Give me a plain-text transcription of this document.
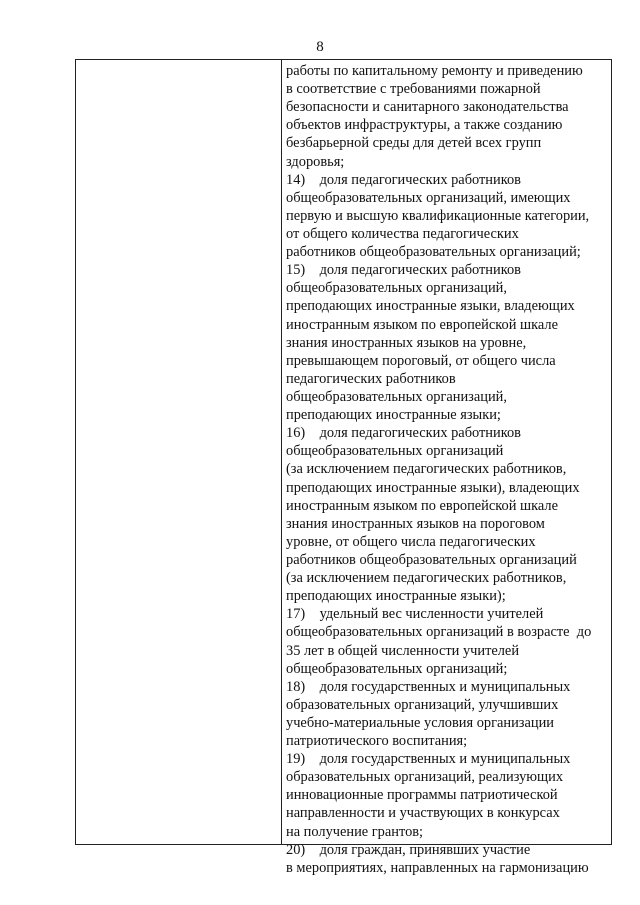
8
работы по капитальному ремонту и приведению
в соответствие с требованиями пожарной
безопасности и санитарного законодательства
объектов инфраструктуры, а также созданию
безбарьерной среды для детей всех групп
здоровья;
14)    доля педагогических работников
общеобразовательных организаций, имеющих
первую и высшую квалификационные категории,
от общего количества педагогических
работников общеобразовательных организаций;
15)    доля педагогических работников
общеобразовательных организаций,
преподающих иностранные языки, владеющих
иностранным языком по европейской шкале
знания иностранных языков на уровне,
превышающем пороговый, от общего числа
педагогических работников
общеобразовательных организаций,
преподающих иностранные языки;
16)    доля педагогических работников
общеобразовательных организаций
(за исключением педагогических работников,
преподающих иностранные языки), владеющих
иностранным языком по европейской шкале
знания иностранных языков на пороговом
уровне, от общего числа педагогических
работников общеобразовательных организаций
(за исключением педагогических работников,
преподающих иностранные языки);
17)    удельный вес численности учителей
общеобразовательных организаций в возрасте  до
35 лет в общей численности учителей
общеобразовательных организаций;
18)    доля государственных и муниципальных
образовательных организаций, улучшивших
учебно-материальные условия организации
патриотического воспитания;
19)    доля государственных и муниципальных
образовательных организаций, реализующих
инновационные программы патриотической
направленности и участвующих в конкурсах
на получение грантов;
20)    доля граждан, принявших участие
в мероприятиях, направленных на гармонизацию
